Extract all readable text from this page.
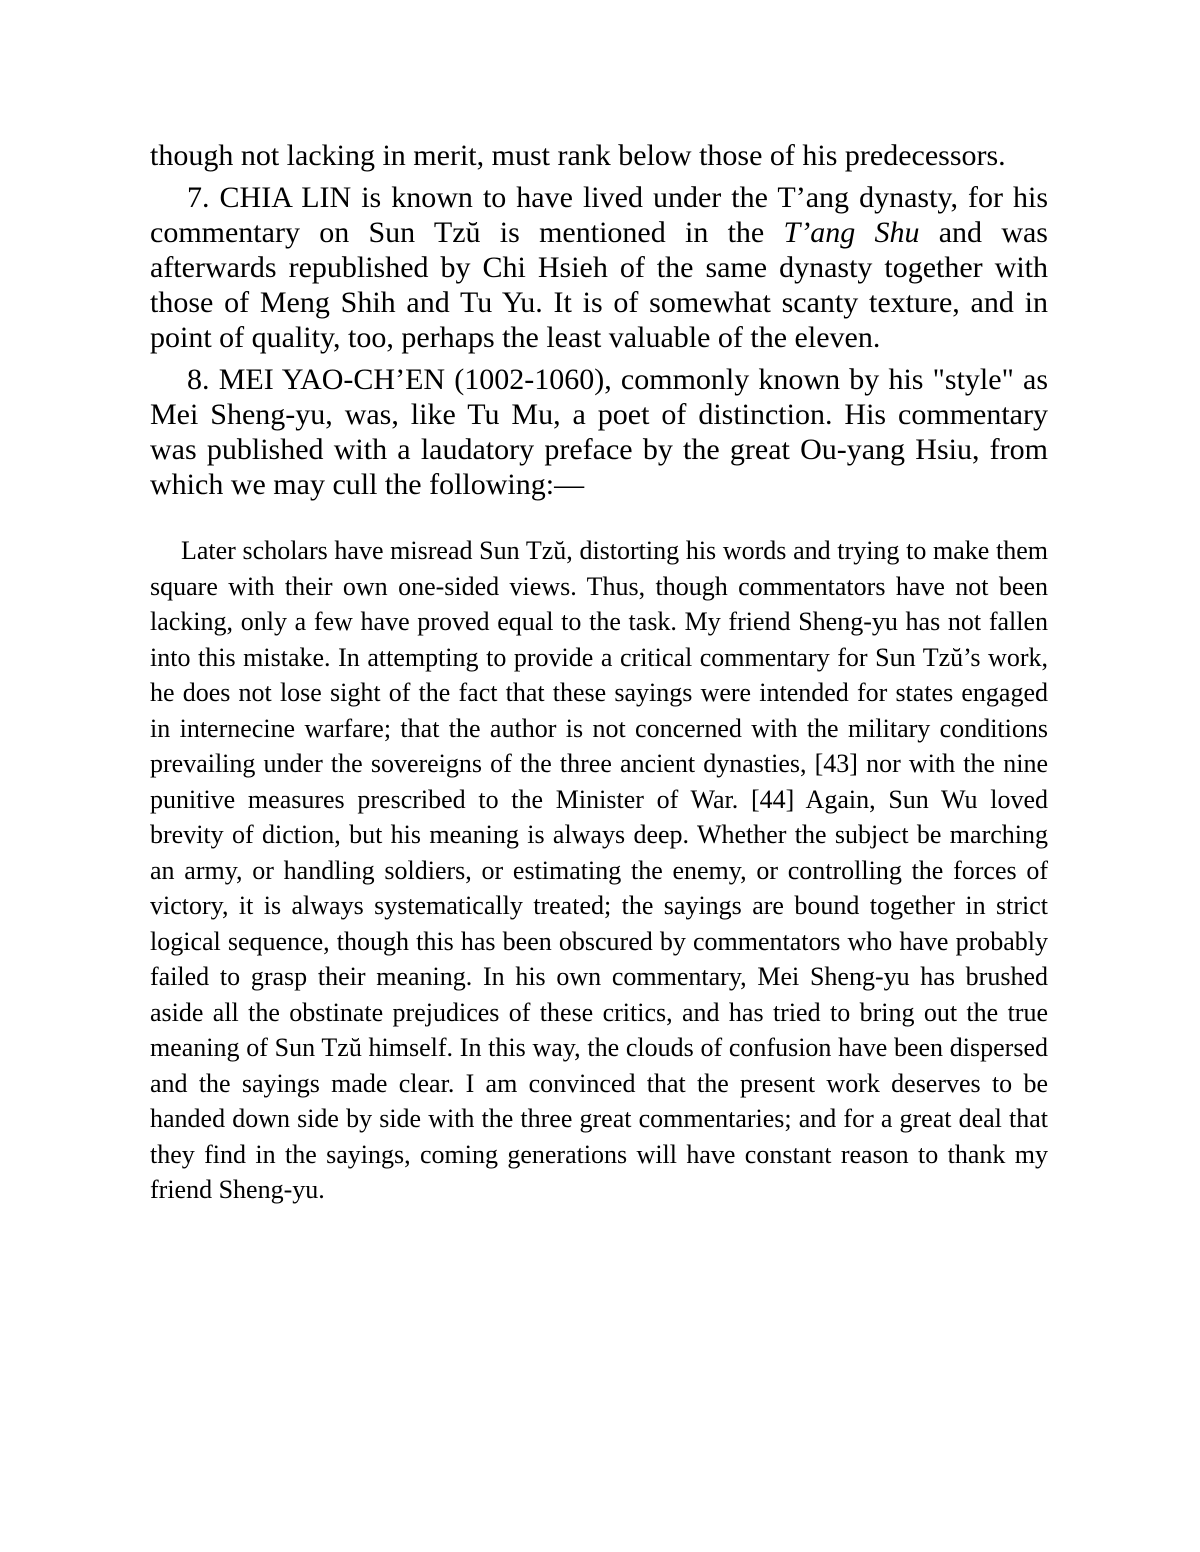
though not lacking in merit, must rank below those of his predecessors.

7. CHIA LIN is known to have lived under the T’ang dynasty, for his commentary on Sun Tzŭ is mentioned in the T’ang Shu and was afterwards republished by Chi Hsieh of the same dynasty together with those of Meng Shih and Tu Yu. It is of somewhat scanty texture, and in point of quality, too, perhaps the least valuable of the eleven.

8. MEI YAO-CH’EN (1002-1060), commonly known by his "style" as Mei Sheng-yu, was, like Tu Mu, a poet of distinction. His commentary was published with a laudatory preface by the great Ou-yang Hsiu, from which we may cull the following:—

Later scholars have misread Sun Tzŭ, distorting his words and trying to make them square with their own one-sided views. Thus, though commentators have not been lacking, only a few have proved equal to the task. My friend Sheng-yu has not fallen into this mistake. In attempting to provide a critical commentary for Sun Tzŭ’s work, he does not lose sight of the fact that these sayings were intended for states engaged in internecine warfare; that the author is not concerned with the military conditions prevailing under the sovereigns of the three ancient dynasties, [43] nor with the nine punitive measures prescribed to the Minister of War. [44] Again, Sun Wu loved brevity of diction, but his meaning is always deep. Whether the subject be marching an army, or handling soldiers, or estimating the enemy, or controlling the forces of victory, it is always systematically treated; the sayings are bound together in strict logical sequence, though this has been obscured by commentators who have probably failed to grasp their meaning. In his own commentary, Mei Sheng-yu has brushed aside all the obstinate prejudices of these critics, and has tried to bring out the true meaning of Sun Tzŭ himself. In this way, the clouds of confusion have been dispersed and the sayings made clear. I am convinced that the present work deserves to be handed down side by side with the three great commentaries; and for a great deal that they find in the sayings, coming generations will have constant reason to thank my friend Sheng-yu.
